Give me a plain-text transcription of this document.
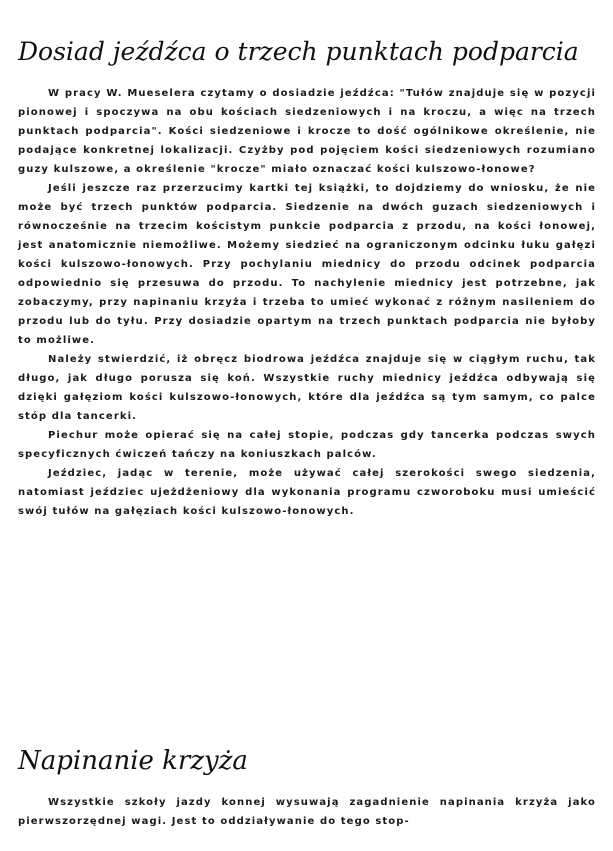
Dosiad jeźdźca o trzech punktach podparcia

W pracy W. Mueselera czytamy o dosiadzie jeźdźca: "Tułów znajduje się w pozycji pionowej i spoczywa na obu kościach siedzeniowych i na kroczu, a więc na trzech punktach podparcia". Kości siedzeniowe i krocze to dość ogólnikowe określenie, nie podające konkretnej lokalizacji. Czyżby pod pojęciem kości siedzeniowych rozumiano guzy kulszowe, a określenie "krocze" miało oznaczać kości kulszowo-łonowe?

Jeśli jeszcze raz przerzucimy kartki tej książki, to dojdziemy do wniosku, że nie może być trzech punktów podparcia. Siedzenie na dwóch guzach siedzeniowych i równocześnie na trzecim kościstym punkcie podparcia z przodu, na kości łonowej, jest anatomicznie niemożliwe. Możemy siedzieć na ograniczonym odcinku łuku gałęzi kości kulszowo-łonowych. Przy pochylaniu miednicy do przodu odcinek podparcia odpowiednio się przesuwa do przodu. To nachylenie miednicy jest potrzebne, jak zobaczymy, przy napinaniu krzyża i trzeba to umieć wykonać z różnym nasileniem do przodu lub do tyłu. Przy dosiadzie opartym na trzech punktach podparcia nie byłoby to możliwe.

Należy stwierdzić, iż obręcz biodrowa jeźdźca znajduje się w ciągłym ruchu, tak długo, jak długo porusza się koń. Wszystkie ruchy miednicy jeźdźca odbywają się dzięki gałęziom kości kulszowo-łonowych, które dla jeźdźca są tym samym, co palce stóp dla tancerki.

Piechur może opierać się na całej stopie, podczas gdy tancerka podczas swych specyficznych ćwiczeń tańczy na koniuszkach palców.

Jeździec, jadąc w terenie, może używać całej szerokości swego siedzenia, natomiast jeździec ujeżdżeniowy dla wykonania programu czworoboku musi umieścić swój tułów na gałęziach kości kulszowo-łonowych.

Napinanie krzyża

Wszystkie szkoły jazdy konnej wysuwają zagadnienie napinania krzyża jako pierwszorzędnej wagi. Jest to oddziaływanie do tego stop-
